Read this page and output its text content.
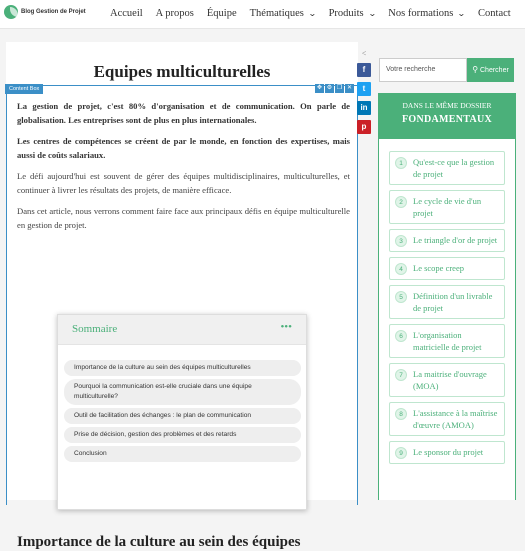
Blog Gestion de Projet Accueil A propos Équipe Thématiques ⌄ Produits ⌄ Nos formations ⌄ Contact
Equipes multiculturelles
Content Box	✥ ⚙ ❐ ✕

La gestion de projet, c'est 80% d'organisation et de communication. On parle de globalisation. Les entreprises sont de plus en plus internationales.

Les centres de compétences se créent de par le monde, en fonction des expertises, mais aussi de coûts salariaux.

Le défi aujourd'hui est souvent de gérer des équipes multidisciplinaires, multiculturelles, et continuer à livrer les résultats des projets, de manière efficace.

Dans cet article, nous verrons comment faire face aux principaux défis en équipe multiculturelle en gestion de projet.

Sommaire	•••
Importance de la culture au sein des équipes multiculturelles
Pourquoi la communication est-elle cruciale dans une équipe multiculturelle?
Outil de facilitation des échanges : le plan de communication
Prise de décision, gestion des problèmes et des retards
Conclusion
Importance de la culture au sein des équipes
<
f
t
in
p
Votre recherche	⚲ Chercher
DANS LE MÊME DOSSIER
FONDAMENTAUX
1	Qu'est-ce que la gestion de projet
2	Le cycle de vie d'un projet
3	Le triangle d'or de projet
4	Le scope creep
5	Définition d'un livrable de projet
6	L'organisation matricielle de projet
7	La maitrise d'ouvrage (MOA)
8	L'assistance à la maîtrise d'œuvre (AMOA)
9	Le sponsor du projet
